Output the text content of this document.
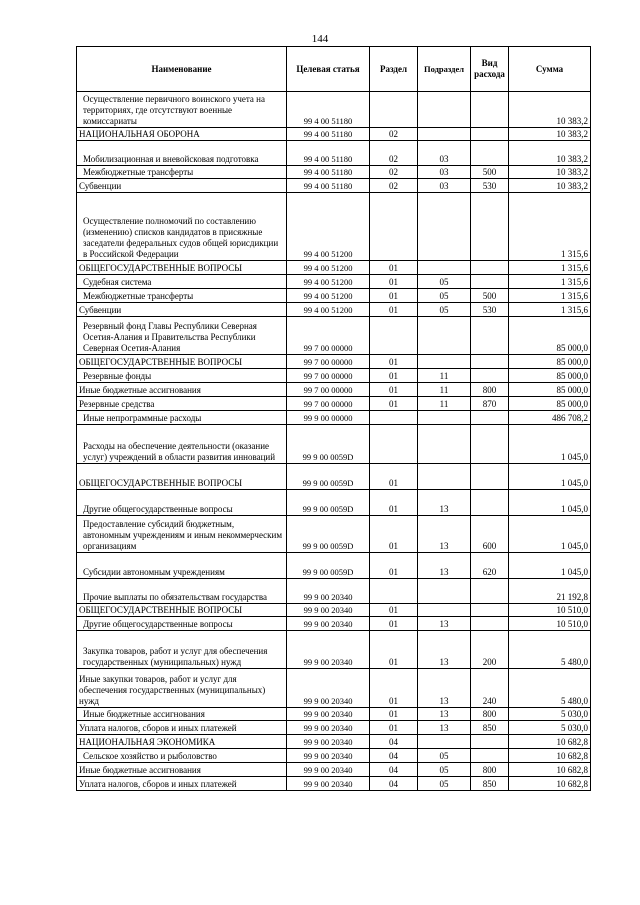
144
Наименование	Целевая статья	Раздел	Подраздел	Вид расхода	Сумма
Осуществление первичного воинского учета на территориях, где отсутствуют военные комиссариаты	99 4 00 51180				10 383,2
НАЦИОНАЛЬНАЯ ОБОРОНА	99 4 00 51180	02			10 383,2
Мобилизационная и вневойсковая подготовка	99 4 00 51180	02	03		10 383,2
Межбюджетные трансферты	99 4 00 51180	02	03	500	10 383,2
Субвенции	99 4 00 51180	02	03	530	10 383,2
Осуществление полномочий по составлению (изменению) списков кандидатов в присяжные заседатели федеральных судов общей юрисдикции в Российской Федерации	99 4 00 51200				1 315,6
ОБЩЕГОСУДАРСТВЕННЫЕ ВОПРОСЫ	99 4 00 51200	01			1 315,6
Судебная система	99 4 00 51200	01	05		1 315,6
Межбюджетные трансферты	99 4 00 51200	01	05	500	1 315,6
Субвенции	99 4 00 51200	01	05	530	1 315,6
Резервный фонд Главы Республики Северная Осетия-Алания и Правительства Республики Северная Осетия-Алания	99 7 00 00000				85 000,0
ОБЩЕГОСУДАРСТВЕННЫЕ ВОПРОСЫ	99 7 00 00000	01			85 000,0
Резервные фонды	99 7 00 00000	01	11		85 000,0
Иные бюджетные ассигнования	99 7 00 00000	01	11	800	85 000,0
Резервные средства	99 7 00 00000	01	11	870	85 000,0
Иные непрограммные расходы	99 9 00 00000				486 708,2
Расходы на обеспечение деятельности (оказание услуг) учреждений в области развития инноваций	99 9 00 0059D				1 045,0
ОБЩЕГОСУДАРСТВЕННЫЕ ВОПРОСЫ	99 9 00 0059D	01			1 045,0
Другие общегосударственные вопросы	99 9 00 0059D	01	13		1 045,0
Предоставление субсидий бюджетным, автономным учреждениям и иным некоммерческим организациям	99 9 00 0059D	01	13	600	1 045,0
Субсидии автономным учреждениям	99 9 00 0059D	01	13	620	1 045,0
Прочие выплаты по обязательствам государства	99 9 00 20340				21 192,8
ОБЩЕГОСУДАРСТВЕННЫЕ ВОПРОСЫ	99 9 00 20340	01			10 510,0
Другие общегосударственные вопросы	99 9 00 20340	01	13		10 510,0
Закупка товаров, работ и услуг для обеспечения государственных (муниципальных) нужд	99 9 00 20340	01	13	200	5 480,0
Иные закупки товаров, работ и услуг для обеспечения государственных (муниципальных) нужд	99 9 00 20340	01	13	240	5 480,0
Иные бюджетные ассигнования	99 9 00 20340	01	13	800	5 030,0
Уплата налогов, сборов и иных платежей	99 9 00 20340	01	13	850	5 030,0
НАЦИОНАЛЬНАЯ ЭКОНОМИКА	99 9 00 20340	04			10 682,8
Сельское хозяйство и рыболовство	99 9 00 20340	04	05		10 682,8
Иные бюджетные ассигнования	99 9 00 20340	04	05	800	10 682,8
Уплата налогов, сборов и иных платежей	99 9 00 20340	04	05	850	10 682,8
